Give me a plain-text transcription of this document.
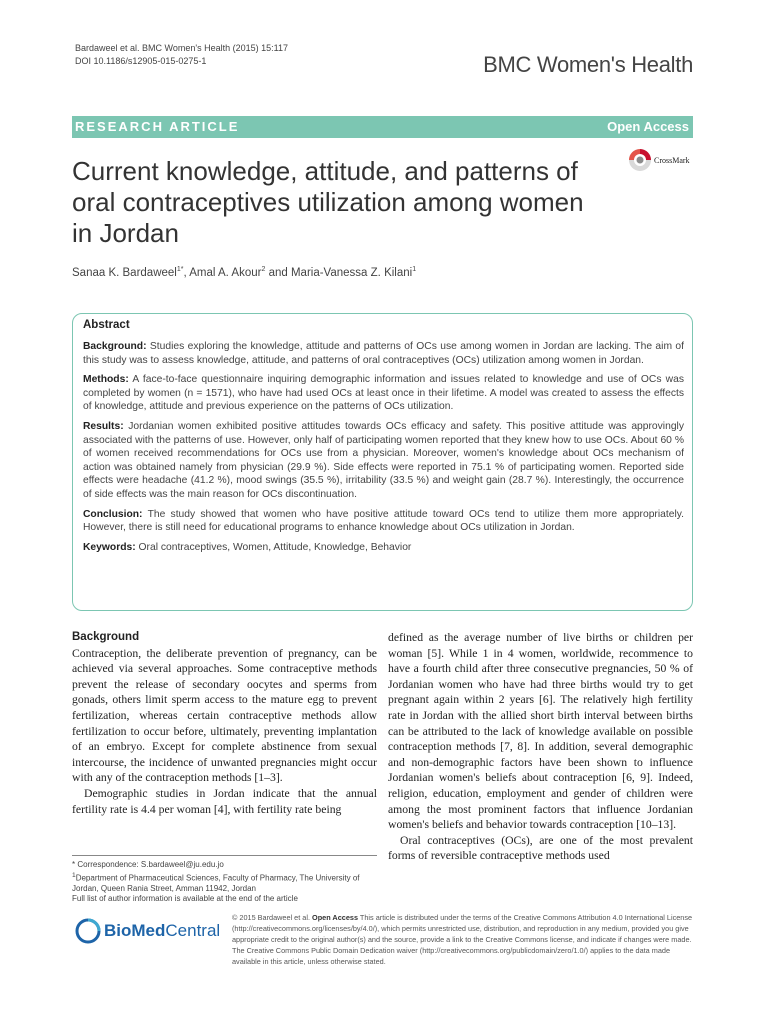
Bardaweel et al. BMC Women's Health (2015) 15:117
DOI 10.1186/s12905-015-0275-1	BMC Women's Health
RESEARCH ARTICLE	Open Access
Current knowledge, attitude, and patterns of oral contraceptives utilization among women in Jordan
CrossMark
Sanaa K. Bardaweel$^{1*}$, Amal A. Akour$^2$ and Maria-Vanessa Z. Kilani$^1$
Abstract

Background: Studies exploring the knowledge, attitude and patterns of OCs use among women in Jordan are lacking. The aim of this study was to assess knowledge, attitude, and patterns of oral contraceptives (OCs) utilization among women in Jordan.

Methods: A face-to-face questionnaire inquiring demographic information and issues related to knowledge and use of OCs was completed by women (n = 1571), who have had used OCs at least once in their lifetime. A model was created to assess the effects of knowledge, attitude and previous experience on the patterns of OCs utilization.

Results: Jordanian women exhibited positive attitudes towards OCs efficacy and safety. This positive attitude was approvingly associated with the patterns of use. However, only half of participating women reported that they knew how to use OCs. About 60 % of women received recommendations for OCs use from a physician. Moreover, women's knowledge about OCs mechanism of action was obtained namely from physician (29.9 %). Side effects were reported in 75.1 % of participating women. Reported side effects were headache (41.2 %), mood swings (35.5 %), irritability (33.5 %) and weight gain (28.7 %). Interestingly, the occurrence of side effects was the main reason for OCs discontinuation.

Conclusion: The study showed that women who have positive attitude toward OCs tend to utilize them more appropriately. However, there is still need for educational programs to enhance knowledge about OCs utilization in Jordan.

Keywords: Oral contraceptives, Women, Attitude, Knowledge, Behavior

Background

Contraception, the deliberate prevention of pregnancy, can be achieved via several approaches. Some contraceptive methods prevent the release of secondary oocytes and sperms from gonads, others limit sperm access to the mature egg to prevent fertilization, whereas certain contraceptive methods allow fertilization to occur before, ultimately, preventing implantation of an embryo. Except for complete abstinence from sexual intercourse, the incidence of unwanted pregnancies might occur with any of the contraception methods [1–3].

Demographic studies in Jordan indicate that the annual fertility rate is 4.4 per woman [4], with fertility rate being

defined as the average number of live births or children per woman [5]. While 1 in 4 women, worldwide, recommence to have a fourth child after three consecutive pregnancies, 50 % of Jordanian women who have had three births would try to get pregnant again within 2 years [6]. The relatively high fertility rate in Jordan with the allied short birth interval between births can be attributed to the lack of knowledge available on possible contraception methods [7, 8]. In addition, several demographic and non-demographic factors have been shown to influence Jordanian women's beliefs about contraception [6, 9]. Indeed, religion, education, employment and gender of children were among the most prominent factors that influence Jordanian women's beliefs and behavior towards contraception [10–13].

Oral contraceptives (OCs), are one of the most prevalent forms of reversible contraceptive methods used

* Correspondence: S.bardaweel@ju.edu.jo
$^1$Department of Pharmaceutical Sciences, Faculty of Pharmacy, The University of Jordan, Queen Rania Street, Amman 11942, Jordan
Full list of author information is available at the end of the article
BioMed Central
© 2015 Bardaweel et al. Open Access This article is distributed under the terms of the Creative Commons Attribution 4.0 International License (http://creativecommons.org/licenses/by/4.0/), which permits unrestricted use, distribution, and reproduction in any medium, provided you give appropriate credit to the original author(s) and the source, provide a link to the Creative Commons license, and indicate if changes were made. The Creative Commons Public Domain Dedication waiver (http://creativecommons.org/publicdomain/zero/1.0/) applies to the data made available in this article, unless otherwise stated.
